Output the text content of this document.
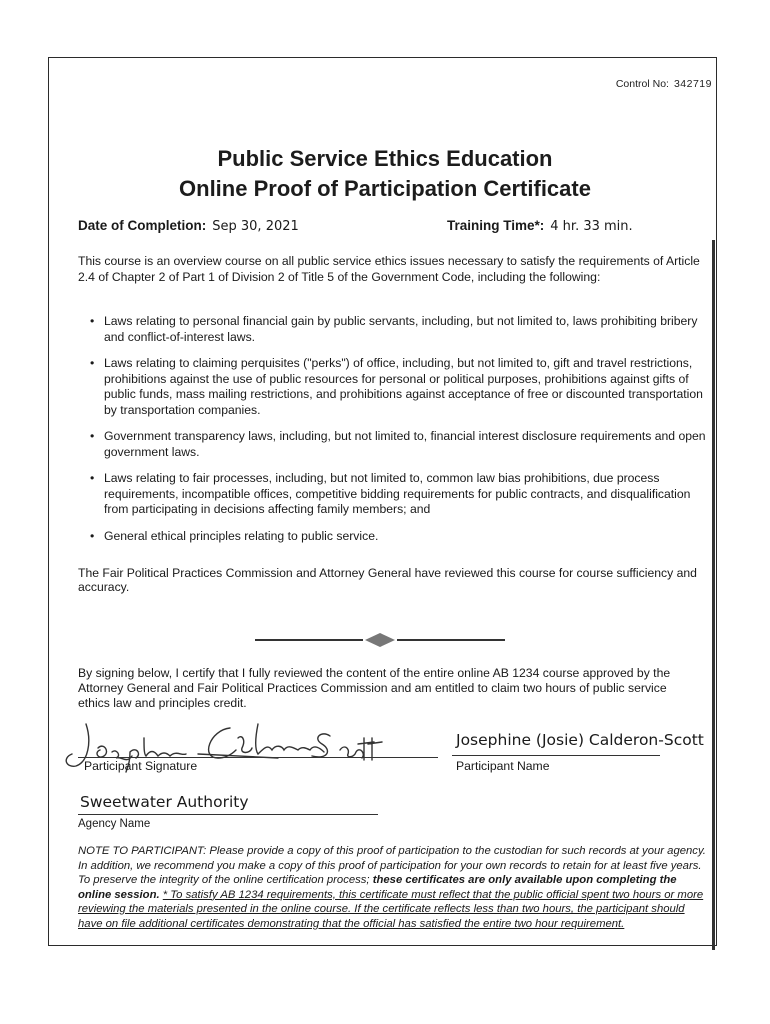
Control No: 342719
Public Service Ethics Education
Online Proof of Participation Certificate
Date of Completion: Sep 30, 2021	Training Time*: 4 hr. 33 min.
This course is an overview course on all public service ethics issues necessary to satisfy the requirements of Article 2.4 of Chapter 2 of Part 1 of Division 2 of Title 5 of the Government Code, including the following:
• Laws relating to personal financial gain by public servants, including, but not limited to, laws prohibiting bribery and conflict-of-interest laws.
• Laws relating to claiming perquisites ("perks") of office, including, but not limited to, gift and travel restrictions, prohibitions against the use of public resources for personal or political purposes, prohibitions against gifts of public funds, mass mailing restrictions, and prohibitions against acceptance of free or discounted transportation by transportation companies.
• Government transparency laws, including, but not limited to, financial interest disclosure requirements and open government laws.
• Laws relating to fair processes, including, but not limited to, common law bias prohibitions, due process requirements, incompatible offices, competitive bidding requirements for public contracts, and disqualification from participating in decisions affecting family members; and
• General ethical principles relating to public service.
The Fair Political Practices Commission and Attorney General have reviewed this course for course sufficiency and accuracy.
By signing below, I certify that I fully reviewed the content of the entire online AB 1234 course approved by the Attorney General and Fair Political Practices Commission and am entitled to claim two hours of public service ethics law and principles credit.
Participant Signature
Josephine (Josie) Calderon-Scott
Participant Name
Sweetwater Authority
Agency Name
NOTE TO PARTICIPANT: Please provide a copy of this proof of participation to the custodian for such records at your agency. In addition, we recommend you make a copy of this proof of participation for your own records to retain for at least five years. To preserve the integrity of the online certification process; these certificates are only available upon completing the online session. * To satisfy AB 1234 requirements, this certificate must reflect that the public official spent two hours or more reviewing the materials presented in the online course. If the certificate reflects less than two hours, the participant should have on file additional certificates demonstrating that the official has satisfied the entire two hour requirement.
